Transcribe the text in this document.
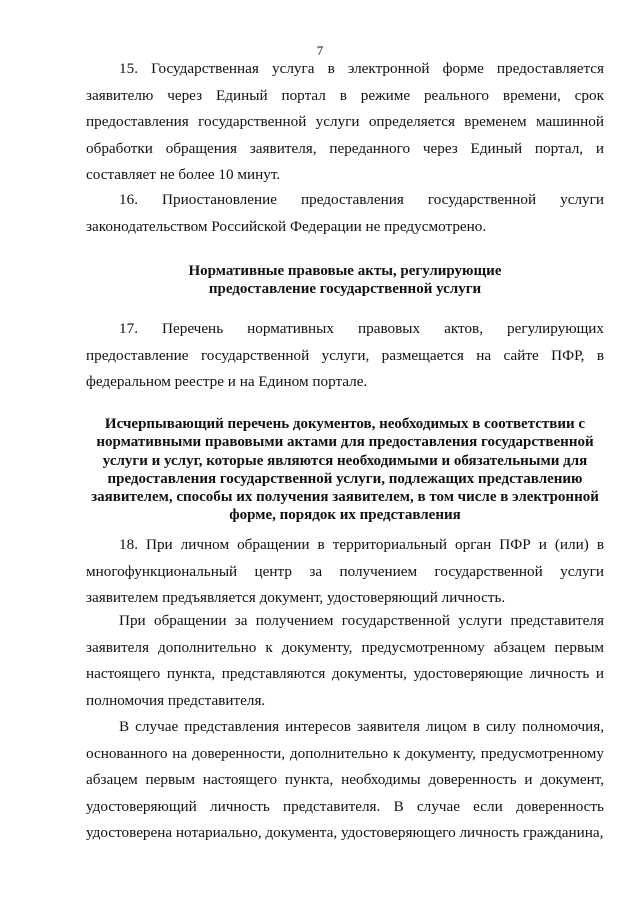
7

15. Государственная услуга в электронной форме предоставляется заявителю через Единый портал в режиме реального времени, срок предоставления государственной услуги определяется временем машинной обработки обращения заявителя, переданного через Единый портал, и составляет не более 10 минут.

16. Приостановление предоставления государственной услуги законодательством Российской Федерации не предусмотрено.

Нормативные правовые акты, регулирующие предоставление государственной услуги

17. Перечень нормативных правовых актов, регулирующих предоставление государственной услуги, размещается на сайте ПФР, в федеральном реестре и на Едином портале.

Исчерпывающий перечень документов, необходимых в соответствии с нормативными правовыми актами для предоставления государственной услуги и услуг, которые являются необходимыми и обязательными для предоставления государственной услуги, подлежащих представлению заявителем, способы их получения заявителем, в том числе в электронной форме, порядок их представления

18. При личном обращении в территориальный орган ПФР и (или) в многофункциональный центр за получением государственной услуги заявителем предъявляется документ, удостоверяющий личность.

При обращении за получением государственной услуги представителя заявителя дополнительно к документу, предусмотренному абзацем первым настоящего пункта, представляются документы, удостоверяющие личность и полномочия представителя.

В случае представления интересов заявителя лицом в силу полномочия, основанного на доверенности, дополнительно к документу, предусмотренному абзацем первым настоящего пункта, необходимы доверенность и документ, удостоверяющий личность представителя. В случае если доверенность удостоверена нотариально, документа, удостоверяющего личность гражданина,
